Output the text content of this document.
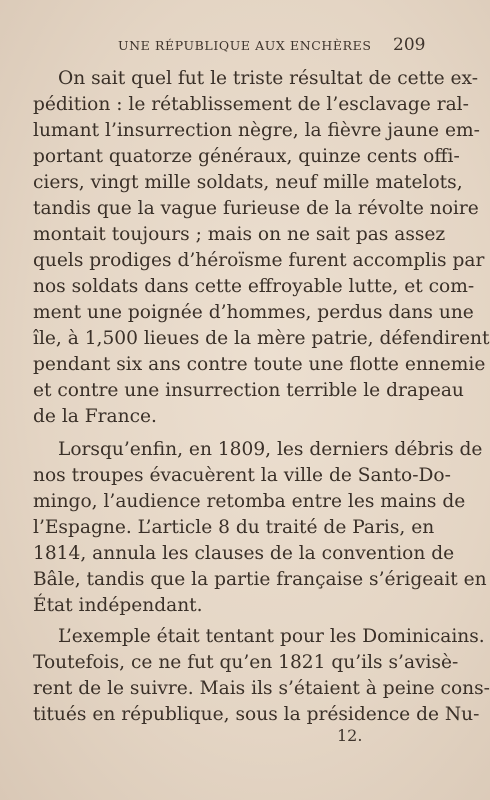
UNE RÉPUBLIQUE AUX ENCHÈRES 209
On sait quel fut le triste résultat de cette ex-
pédition : le rétablissement de l’esclavage ral-
lumant l’insurrection nègre, la fièvre jaune em-
portant quatorze généraux, quinze cents offi-
ciers, vingt mille soldats, neuf mille matelots,
tandis que la vague furieuse de la révolte noire
montait toujours ; mais on ne sait pas assez
quels prodiges d’héroïsme furent accomplis par
nos soldats dans cette effroyable lutte, et com-
ment une poignée d’hommes, perdus dans une
île, à 1,500 lieues de la mère patrie, défendirent
pendant six ans contre toute une flotte ennemie
et contre une insurrection terrible le drapeau
de la France.
Lorsqu’enfin, en 1809, les derniers débris de
nos troupes évacuèrent la ville de Santo-Do-
mingo, l’audience retomba entre les mains de
l’Espagne. L’article 8 du traité de Paris, en
1814, annula les clauses de la convention de
Bâle, tandis que la partie française s’érigeait en
État indépendant.
L’exemple était tentant pour les Dominicains.
Toutefois, ce ne fut qu’en 1821 qu’ils s’avisè-
rent de le suivre. Mais ils s’étaient à peine cons-
titués en république, sous la présidence de Nu-
12.
